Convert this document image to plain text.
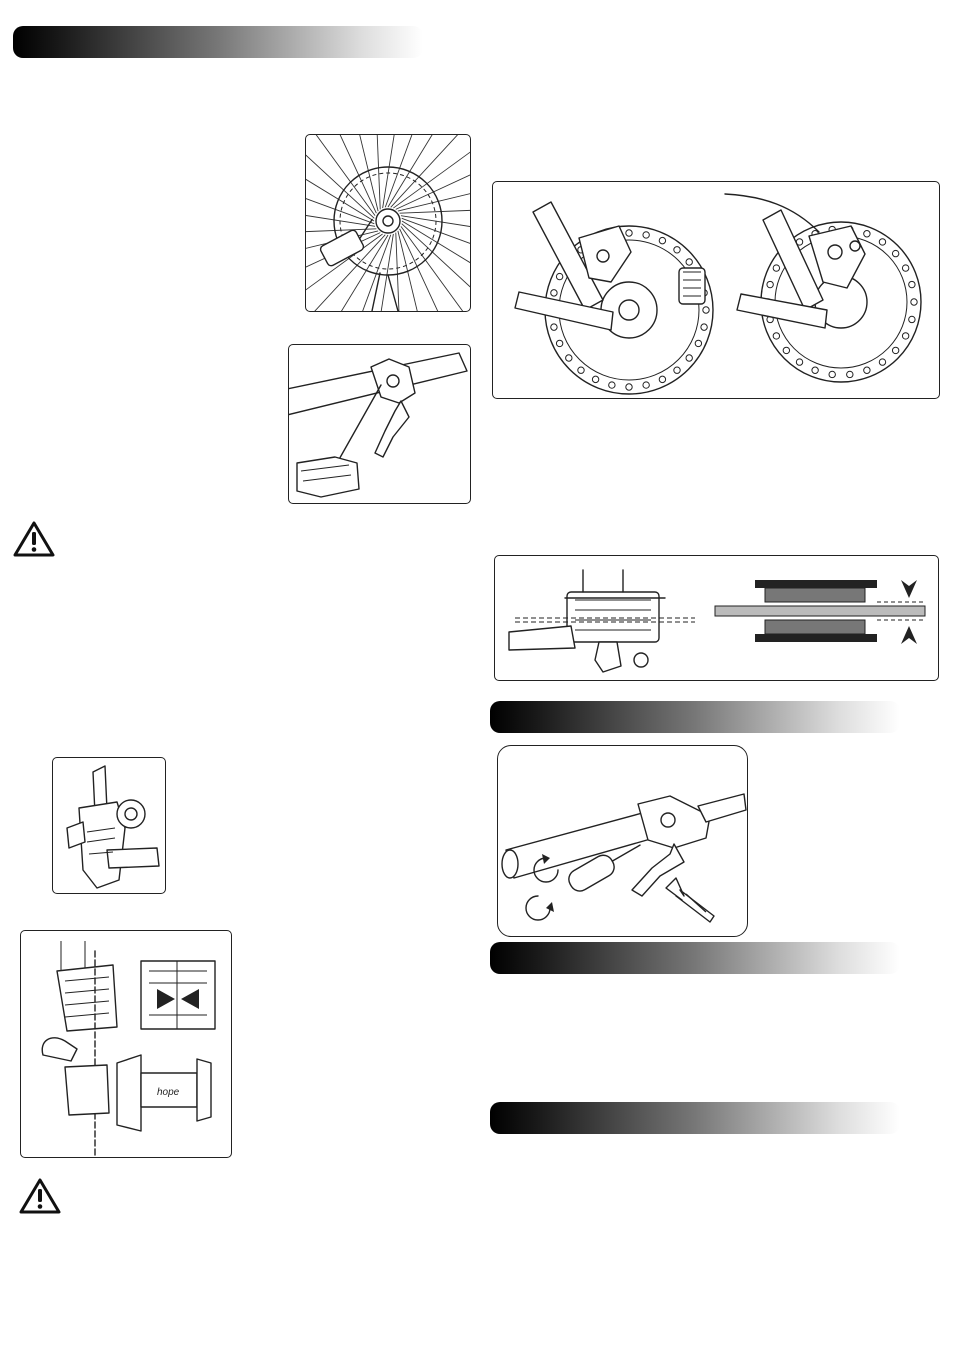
hope
